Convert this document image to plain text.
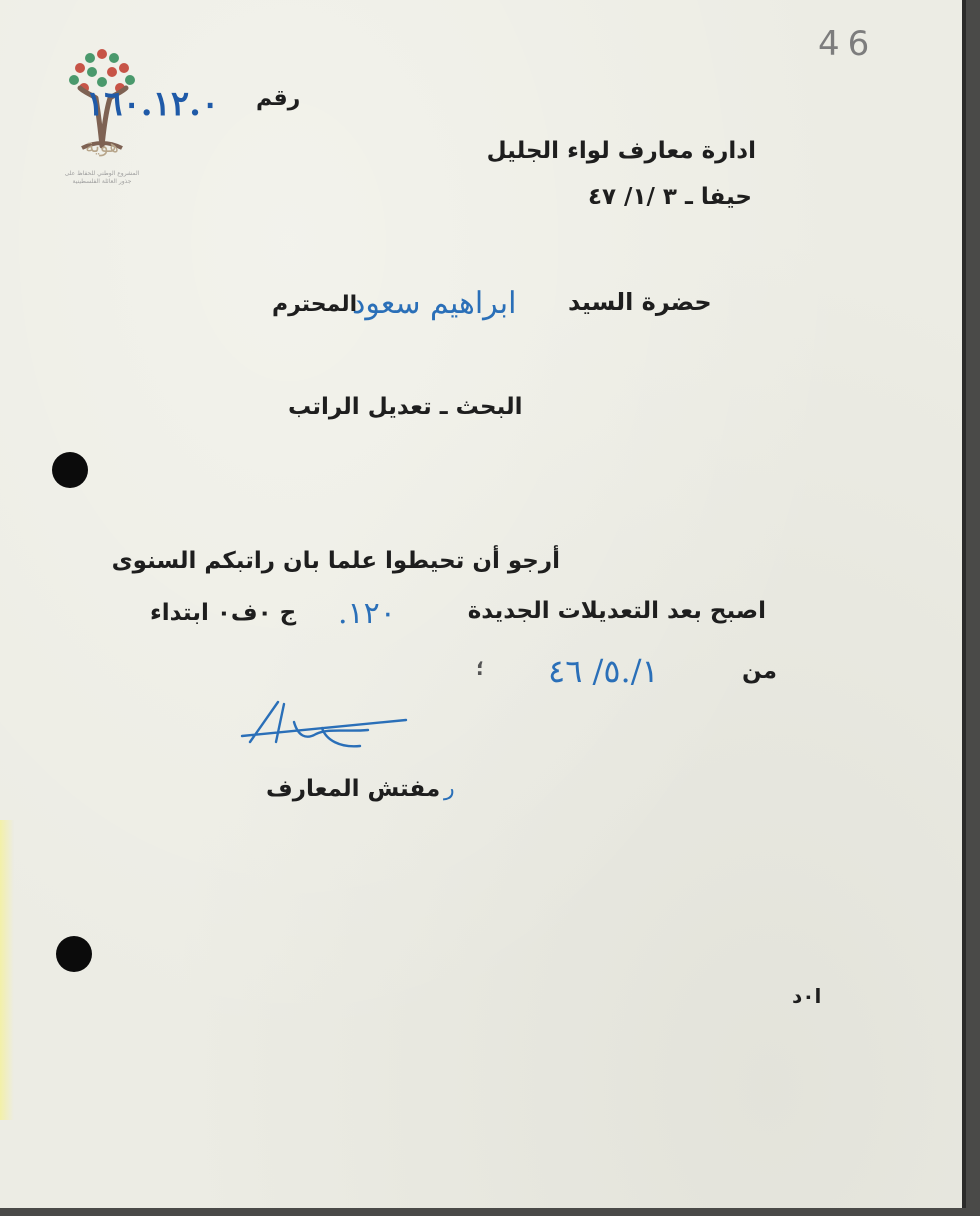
هوية
المشروع الوطني للحفاظ على
جذور العائلة الفلسطينية
46
رقم
١٦٠.١٢.٠
ادارة معارف لواء الجليل
حيفا ـ ٣ /١/ ٤٧
حضرة السيد
ابراهيم سعود
المحترم
البحث ـ تعديل الراتب
أرجو أن تحيطوا علما بان راتبكم السنوى
اصبح بعد التعديلات الجديدة
١٢٠.
ج ٠ف٠ ابتداء
من
١/.٥/ ٤٦
؛
ر
مفتش المعارف
ا٠د
